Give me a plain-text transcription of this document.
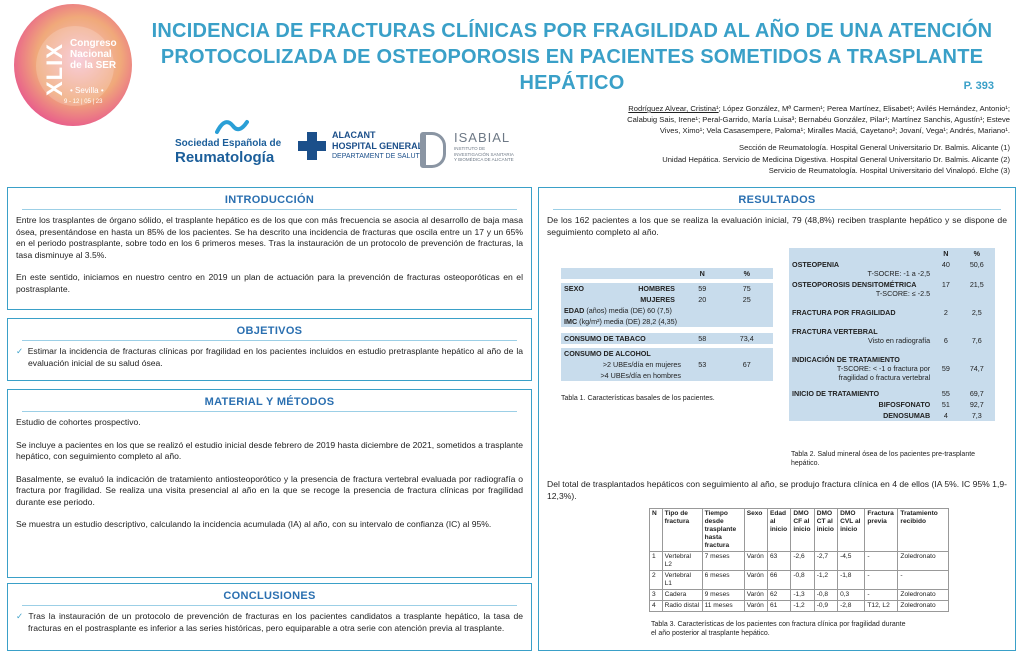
XLIX Congreso
Nacional
de la SER
• Sevilla •
9 - 12 | 05 | 23
INCIDENCIA DE FRACTURAS CLÍNICAS POR FRAGILIDAD AL AÑO DE UNA ATENCIÓN
PROTOCOLIZADA DE OSTEOPOROSIS EN PACIENTES SOMETIDOS A TRASPLANTE HEPÁTICO	P. 393
Sociedad Española de
Reumatología
ALACANT
HOSPITAL GENERAL
DEPARTAMENT DE SALUT
ISABIAL
INSTITUTO DE INVESTIGACIÓN SANITARIA Y BIOMÉDICA DE ALICANTE
Rodríguez Alvear, Cristina¹; López González, Mª Carmen¹; Perea Martínez, Elisabet¹; Avilés Hernández, Antonio¹;
Calabuig Sais, Irene¹; Peral-Garrido, María Luisa³; Bernabéu González, Pilar¹; Martínez Sanchis, Agustín¹; Esteve
Vives, Ximo¹; Vela Casasempere, Paloma¹; Miralles Maciá, Cayetano²; Jovaní, Vega¹; Andrés, Mariano¹.
Sección de Reumatología. Hospital General Universitario Dr. Balmis. Alicante (1)
Unidad Hepática. Servicio de Medicina Digestiva. Hospital General Universitario Dr. Balmis. Alicante (2)
Servicio de Reumatología. Hospital Universitario del Vinalopó. Elche (3)
INTRODUCCIÓN

Entre los trasplantes de órgano sólido, el trasplante hepático es de los que con más frecuencia se asocia al desarrollo de baja masa ósea, presentándose en hasta un 85% de los pacientes. Se ha descrito una incidencia de fracturas que oscila entre un 17 y un 65% en el periodo postrasplante, sobre todo en los 6 primeros meses. Tras la instauración de un protocolo de prevención de fracturas, la tasa disminuye al 3.5%.

En este sentido, iniciamos en nuestro centro en 2019 un plan de actuación para la prevención de fracturas osteoporóticas en el postrasplante.

OBJETIVOS

✓ Estimar la incidencia de fracturas clínicas por fragilidad en los pacientes incluidos en estudio pretrasplante hepático al año de la evaluación inicial de su salud ósea.

MATERIAL Y MÉTODOS

Estudio de cohortes prospectivo.

Se incluye a pacientes en los que se realizó el estudio inicial desde febrero de 2019 hasta diciembre de 2021, sometidos a trasplante hepático, con seguimiento completo al año.

Basalmente, se evaluó la indicación de tratamiento antiosteoporótico y la presencia de fractura vertebral evaluada por radiografía o fractura por fragilidad. Se realiza una visita presencial al año en la que se recoge la presencia de fractura clínicas por fragilidad durante ese periodo.

Se muestra un estudio descriptivo, calculando la incidencia acumulada (IA) al año, con su intervalo de confianza (IC) al 95%.

CONCLUSIONES

✓ Tras la instauración de un protocolo de prevención de fracturas en los pacientes candidatos a trasplante hepático, la tasa de fracturas en el postrasplante es inferior a las series históricas, pero equiparable a otra serie con atención previa al trasplante.

RESULTADOS

De los 162 pacientes a los que se realiza la evaluación inicial, 79 (48,8%) reciben trasplante hepático y se dispone de seguimiento completo al año.

	N	%

SEXO HOMBRES	59	75
MUJERES	20	25
EDAD (años) media (DE) 60 (7,5)		
IMC (kg/m²) media (DE) 28,2 (4,35)		

CONSUMO DE TABACO	58	73,4

CONSUMO DE ALCOHOL		
>2 UBEs/día en mujeres	53	67
>4 UBEs/día en hombres		
Tabla 1. Características basales de los pacientes.
	N	%

OSTEOPENIA
T-SOCRE: -1 a -2,5	40	50,6

OSTEOPOROSIS DENSITOMÉTRICA
T-SCORE: ≤ -2.5	17	21,5

FRACTURA POR FRAGILIDAD	2	2,5

FRACTURA VERTEBRAL
Visto en radiografía	6	7,6

INDICACIÓN DE TRATAMIENTO
T-SCORE: < -1 o fractura por
fragilidad o fractura vertebral	59	74,7

INICIO DE TRATAMIENTO	55	69,7
BIFOSFONATO	51	92,7
DENOSUMAB	4	7,3
Tabla 2. Salud mineral ósea de los pacientes pre-trasplante
hepático.

Del total de trasplantados hepáticos con seguimiento al año, se produjo fractura clínica en 4 de ellos (IA 5%. IC 95% 1,9-12,3%).

N	Tipo de fractura	Tiempo desde trasplante hasta fractura	Sexo	Edad al inicio	DMO CF al inicio	DMO CT al inicio	DMO CVL al inicio	Fractura previa	Tratamiento recibido
1	Vertebral L2	7 meses	Varón	63	-2,6	-2,7	-4,5	-	Zoledronato
2	Vertebral L1	6 meses	Varón	66	-0,8	-1,2	-1,8	-	-
3	Cadera	9 meses	Varón	62	-1,3	-0,8	0,3	-	Zoledronato
4	Radio distal	11 meses	Varón	61	-1,2	-0,9	-2,8	T12, L2	Zoledronato
Tabla 3. Características de los pacientes con fractura clínica por fragilidad durante
el año posterior al trasplante hepático.
